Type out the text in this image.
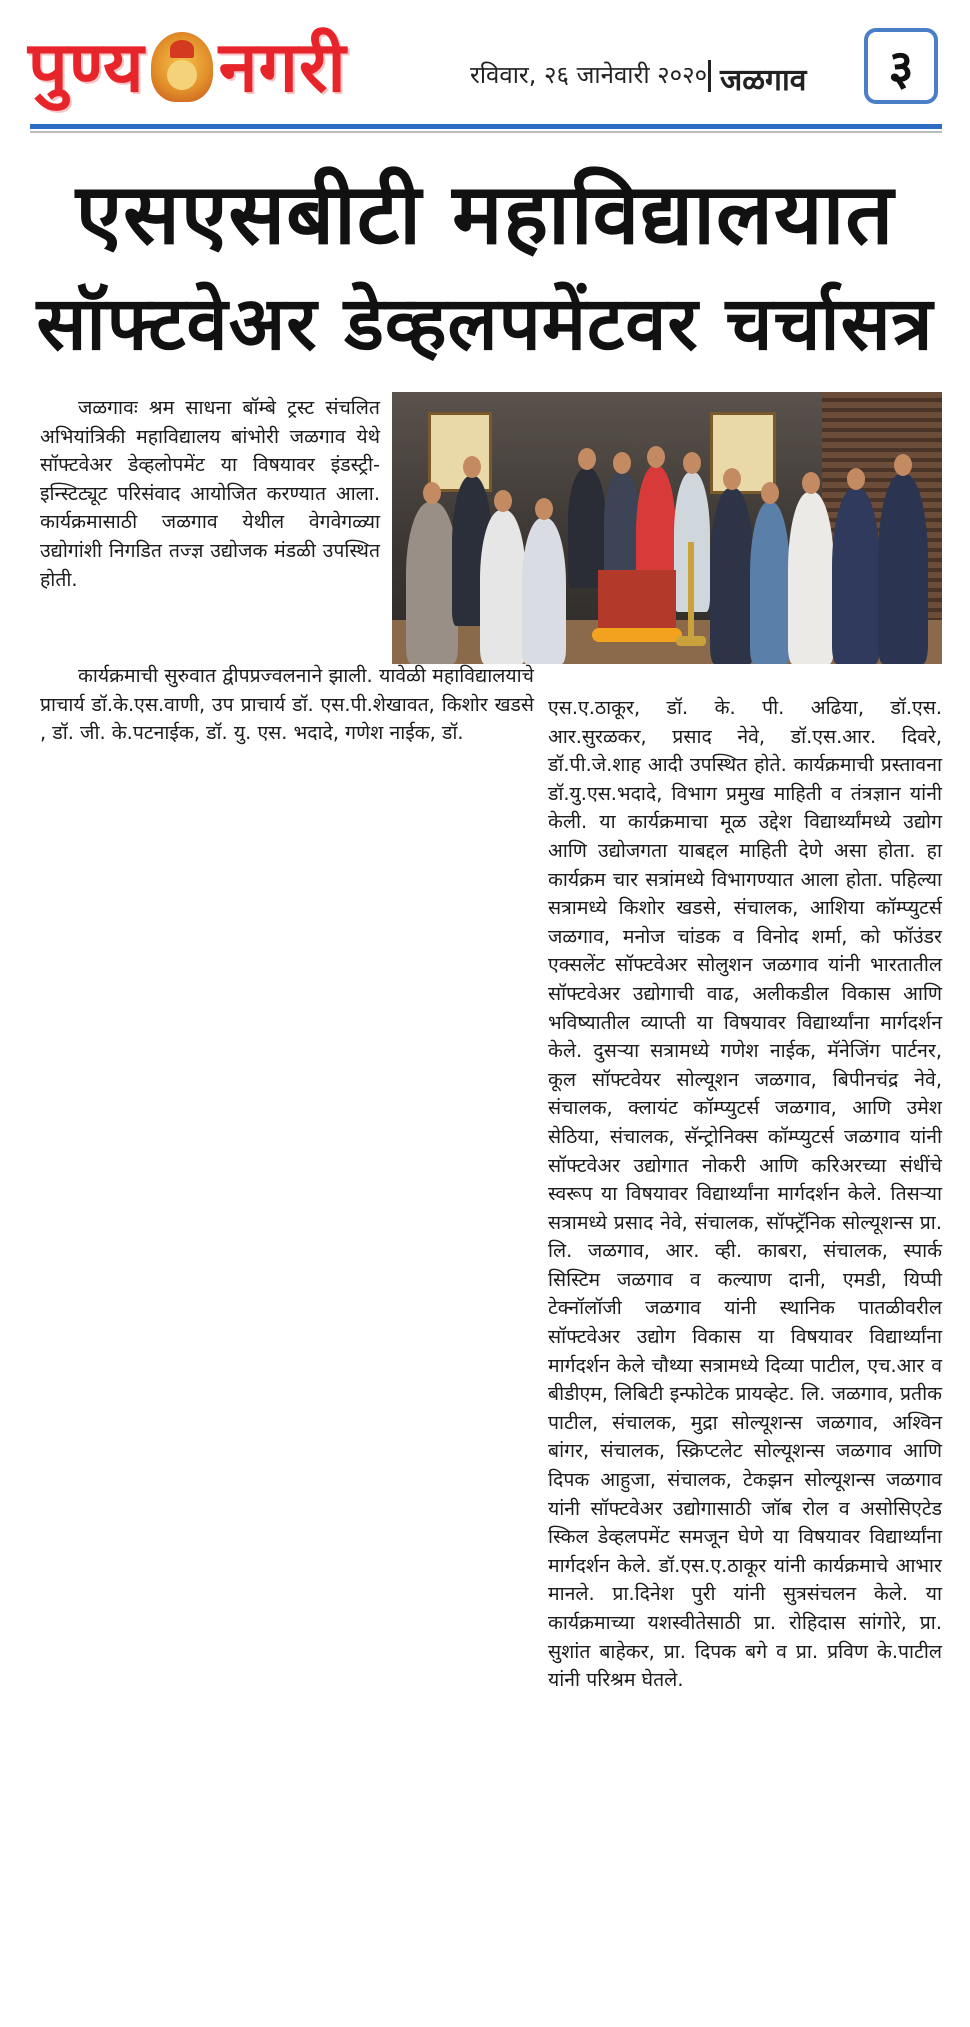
पुण्य नगरी	रविवार, २६ जानेवारी २०२० जळगाव	३
एसएसबीटी महाविद्यालयात
सॉफ्टवेअर डेव्हलपमेंटवर चर्चासत्र

जळगावः श्रम साधना बॉम्बे ट्रस्ट संचलित अभियांत्रिकी महाविद्यालय बांभोरी जळगाव येथे सॉफ्टवेअर डेव्हलोपमेंट या विषयावर इंडस्ट्री-इन्स्टिट्यूट परिसंवाद आयोजित करण्यात आला. कार्यक्रमासाठी जळगाव येथील वेगवेगळ्या उद्योगांशी निगडित तज्ज्ञ उद्योजक मंडळी उपस्थित होती.

कार्यक्रमाची सुरुवात द्वीपप्रज्वलनाने झाली. यावेळी महाविद्यालयाचे प्राचार्य डॉ.के.एस.वाणी, उप प्राचार्य डॉ. एस.पी.शेखावत, किशोर खडसे , डॉ. जी. के.पटनाईक, डॉ. यु. एस. भदादे, गणेश नाईक, डॉ.

एस.ए.ठाकूर, डॉ. के. पी. अढिया, डॉ.एस. आर.सुरळकर, प्रसाद नेवे, डॉ.एस.आर. दिवरे, डॉ.पी.जे.शाह आदी उपस्थित होते. कार्यक्रमाची प्रस्तावना डॉ.यु.एस.भदादे, विभाग प्रमुख माहिती व तंत्रज्ञान यांनी केली. या कार्यक्रमाचा मूळ उद्देश विद्यार्थ्यांमध्ये उद्योग आणि उद्योजगता याबद्दल माहिती देणे असा होता. हा कार्यक्रम चार सत्रांमध्ये विभागण्यात आला होता. पहिल्या सत्रामध्ये किशोर खडसे, संचालक, आशिया कॉम्प्युटर्स जळगाव, मनोज चांडक व विनोद शर्मा, को फॉउंडर एक्सलेंट सॉफ्टवेअर सोलुशन जळगाव यांनी भारतातील सॉफ्टवेअर उद्योगाची वाढ, अलीकडील विकास आणि भविष्यातील व्याप्ती या विषयावर विद्यार्थ्यांना मार्गदर्शन केले. दुसऱ्या सत्रामध्ये गणेश नाईक, मॅनेजिंग पार्टनर, कूल सॉफ्टवेयर सोल्यूशन जळगाव, बिपीनचंद्र नेवे, संचालक, क्लायंट कॉम्प्युटर्स जळगाव, आणि उमेश सेठिया, संचालक, सॅन्ट्रोनिक्स कॉम्प्युटर्स जळगाव यांनी सॉफ्टवेअर उद्योगात नोकरी आणि करिअरच्या संधींचे स्वरूप या विषयावर विद्यार्थ्यांना मार्गदर्शन केले. तिसऱ्या सत्रामध्ये प्रसाद नेवे, संचालक, सॉफ्ट्रॅनिक सोल्यूशन्स प्रा. लि. जळगाव, आर. व्ही. काबरा, संचालक, स्पार्क सिस्टिम जळगाव व कल्याण दानी, एमडी, यिप्पी टेक्नॉलॉजी जळगाव यांनी स्थानिक पातळीवरील सॉफ्टवेअर उद्योग विकास या विषयावर विद्यार्थ्यांना मार्गदर्शन केले चौथ्या सत्रामध्ये दिव्या पाटील, एच.आर व बीडीएम, लिबिटी इन्फोटेक प्रायव्हेट. लि. जळगाव, प्रतीक पाटील, संचालक, मुद्रा सोल्यूशन्स जळगाव, अश्विन बांगर, संचालक, स्क्रिप्टलेट सोल्यूशन्स जळगाव आणि दिपक आहुजा, संचालक, टेकझन सोल्यूशन्स जळगाव यांनी सॉफ्टवेअर उद्योगासाठी जॉब रोल व असोसिएटेड स्किल डेव्हलपमेंट समजून घेणे या विषयावर विद्यार्थ्यांना मार्गदर्शन केले. डॉ.एस.ए.ठाकूर यांनी कार्यक्रमाचे आभार मानले. प्रा.दिनेश पुरी यांनी सुत्रसंचलन केले. या कार्यक्रमाच्या यशस्वीतेसाठी प्रा. रोहिदास सांगोरे, प्रा. सुशांत बाहेकर, प्रा. दिपक बगे व प्रा. प्रविण के.पाटील यांनी परिश्रम घेतले.
